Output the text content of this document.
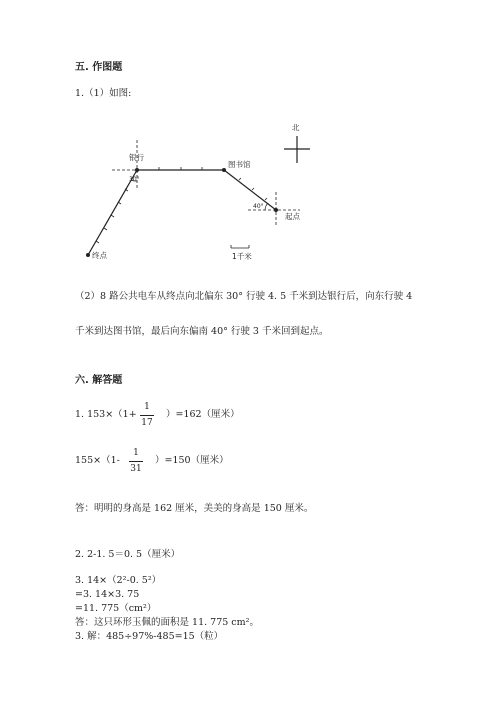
五. 作图题
1.（1）如图:
北
银行
图书馆
起点
终点
30°
40°
1千米
（2）8 路公共电车从终点向北偏东 30° 行驶 4. 5 千米到达银行后，向东行驶 4
千米到达图书馆，最后向东偏南 40° 行驶 3 千米回到起点。
六. 解答题
1. $153\times(1+ \frac{1}{17} )=162$（厘米）
$155\times(1- \frac{1}{31} )=150$（厘米）
答：明明的身高是 162 厘米，美美的身高是 150 厘米。
2. 2-1. 5＝0. 5（厘米）
3. 14×（2²-0. 5²）
=3. 14×3. 75
=11. 775（cm²）
答：这只环形玉佩的面积是 11. 775 cm²。
3. 解：485÷97%-485=15（粒）
